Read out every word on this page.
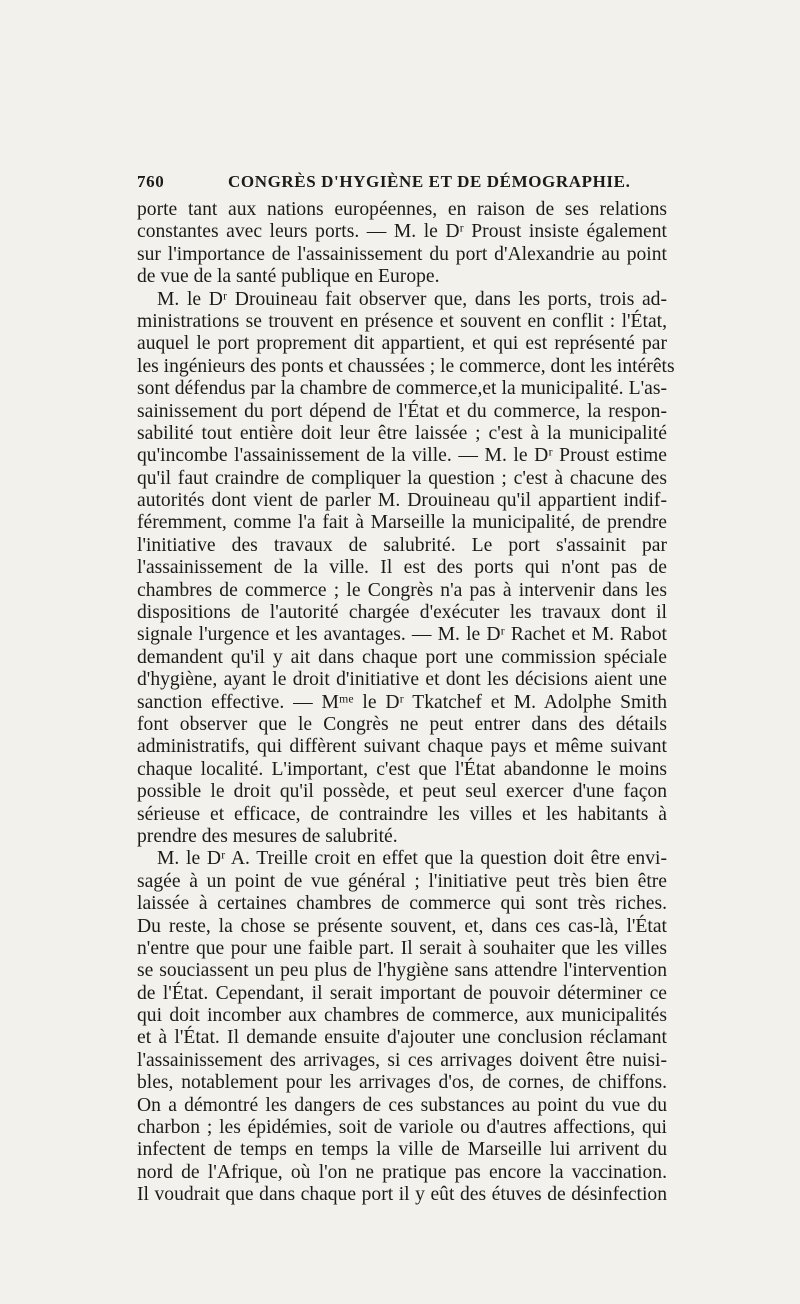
760	CONGRÈS D'HYGIÈNE ET DE DÉMOGRAPHIE.
porte tant aux nations européennes, en raison de ses relations
constantes avec leurs ports. — M. le Dʳ Proust insiste également
sur l'importance de l'assainissement du port d'Alexandrie au point
de vue de la santé publique en Europe.
M. le Dʳ Drouineau fait observer que, dans les ports, trois ad-
ministrations se trouvent en présence et souvent en conflit : l'État,
auquel le port proprement dit appartient, et qui est représenté par
les ingénieurs des ponts et chaussées ; le commerce, dont les intérêts
sont défendus par la chambre de commerce,et la municipalité. L'as-
sainissement du port dépend de l'État et du commerce, la respon-
sabilité tout entière doit leur être laissée ; c'est à la municipalité
qu'incombe l'assainissement de la ville. — M. le Dʳ Proust estime
qu'il faut craindre de compliquer la question ; c'est à chacune des
autorités dont vient de parler M. Drouineau qu'il appartient indif-
féremment, comme l'a fait à Marseille la municipalité, de prendre
l'initiative des travaux de salubrité. Le port s'assainit par
l'assainissement de la ville. Il est des ports qui n'ont pas de
chambres de commerce ; le Congrès n'a pas à intervenir dans les
dispositions de l'autorité chargée d'exécuter les travaux dont il
signale l'urgence et les avantages. — M. le Dʳ Rachet et M. Rabot
demandent qu'il y ait dans chaque port une commission spéciale
d'hygiène, ayant le droit d'initiative et dont les décisions aient une
sanction effective. — Mᵐᵉ le Dʳ Tkatchef et M. Adolphe Smith
font observer que le Congrès ne peut entrer dans des détails
administratifs, qui diffèrent suivant chaque pays et même suivant
chaque localité. L'important, c'est que l'État abandonne le moins
possible le droit qu'il possède, et peut seul exercer d'une façon
sérieuse et efficace, de contraindre les villes et les habitants à
prendre des mesures de salubrité.
M. le Dʳ A. Treille croit en effet que la question doit être envi-
sagée à un point de vue général ; l'initiative peut très bien être
laissée à certaines chambres de commerce qui sont très riches.
Du reste, la chose se présente souvent, et, dans ces cas-là, l'État
n'entre que pour une faible part. Il serait à souhaiter que les villes
se souciassent un peu plus de l'hygiène sans attendre l'intervention
de l'État. Cependant, il serait important de pouvoir déterminer ce
qui doit incomber aux chambres de commerce, aux municipalités
et à l'État. Il demande ensuite d'ajouter une conclusion réclamant
l'assainissement des arrivages, si ces arrivages doivent être nuisi-
bles, notablement pour les arrivages d'os, de cornes, de chiffons.
On a démontré les dangers de ces substances au point du vue du
charbon ; les épidémies, soit de variole ou d'autres affections, qui
infectent de temps en temps la ville de Marseille lui arrivent du
nord de l'Afrique, où l'on ne pratique pas encore la vaccination.
Il voudrait que dans chaque port il y eût des étuves de désinfection
